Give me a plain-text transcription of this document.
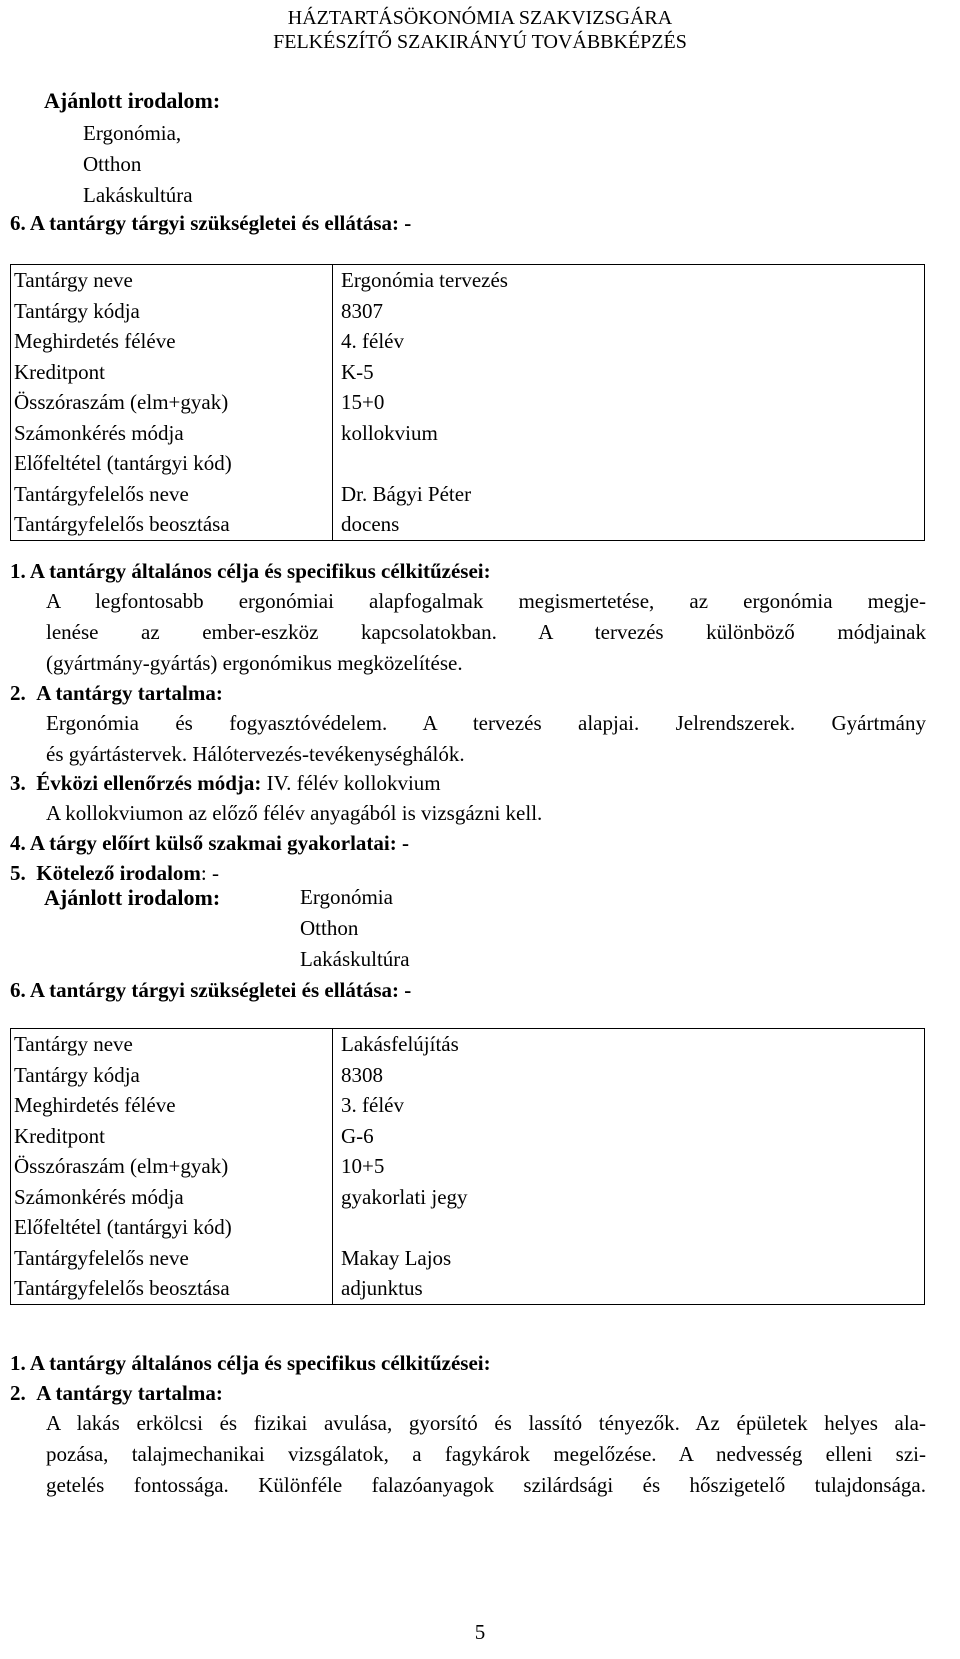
HÁZTARTÁSÖKONÓMIA SZAKVIZSGÁRA
FELKÉSZÍTŐ SZAKIRÁNYÚ TOVÁBBKÉPZÉS
Ajánlott irodalom:
Ergonómia,
Otthon
Lakáskultúra
6. A tantárgy tárgyi szükségletei és ellátása: -
Tantárgy neve	Ergonómia tervezés
Tantárgy kódja	8307
Meghirdetés féléve	4. félév
Kreditpont	K-5
Összóraszám (elm+gyak)	15+0
Számonkérés módja	kollokvium
Előfeltétel (tantárgyi kód)	
Tantárgyfelelős neve	Dr. Bágyi Péter
Tantárgyfelelős beosztása	docens
1. A tantárgy általános célja és specifikus célkitűzései:
A legfontosabb ergonómiai alapfogalmak megismertetése, az ergonómia megje-
lenése az ember-eszköz kapcsolatokban. A tervezés különböző módjainak
(gyártmány-gyártás) ergonómikus megközelítése.
2. A tantárgy tartalma:
Ergonómia és fogyasztóvédelem. A tervezés alapjai. Jelrendszerek. Gyártmány
és gyártástervek. Hálótervezés-tevékenységhálók.
3. Évközi ellenőrzés módja: IV. félév kollokvium
A kollokviumon az előző félév anyagából is vizsgázni kell.
4. A tárgy előírt külső szakmai gyakorlatai: -
5. Kötelező irodalom: -
Ajánlott irodalom:	Ergonómia
Otthon
Lakáskultúra
6. A tantárgy tárgyi szükségletei és ellátása: -
Tantárgy neve	Lakásfelújítás
Tantárgy kódja	8308
Meghirdetés féléve	3. félév
Kreditpont	G-6
Összóraszám (elm+gyak)	10+5
Számonkérés módja	gyakorlati jegy
Előfeltétel (tantárgyi kód)	
Tantárgyfelelős neve	Makay Lajos
Tantárgyfelelős beosztása	adjunktus
1. A tantárgy általános célja és specifikus célkitűzései:
2. A tantárgy tartalma:
A lakás erkölcsi és fizikai avulása, gyorsító és lassító tényezők. Az épületek helyes ala-
pozása, talajmechanikai vizsgálatok, a fagykárok megelőzése. A nedvesség elleni szi-
getelés fontossága. Különféle falazóanyagok szilárdsági és hőszigetelő tulajdonsága.
5
